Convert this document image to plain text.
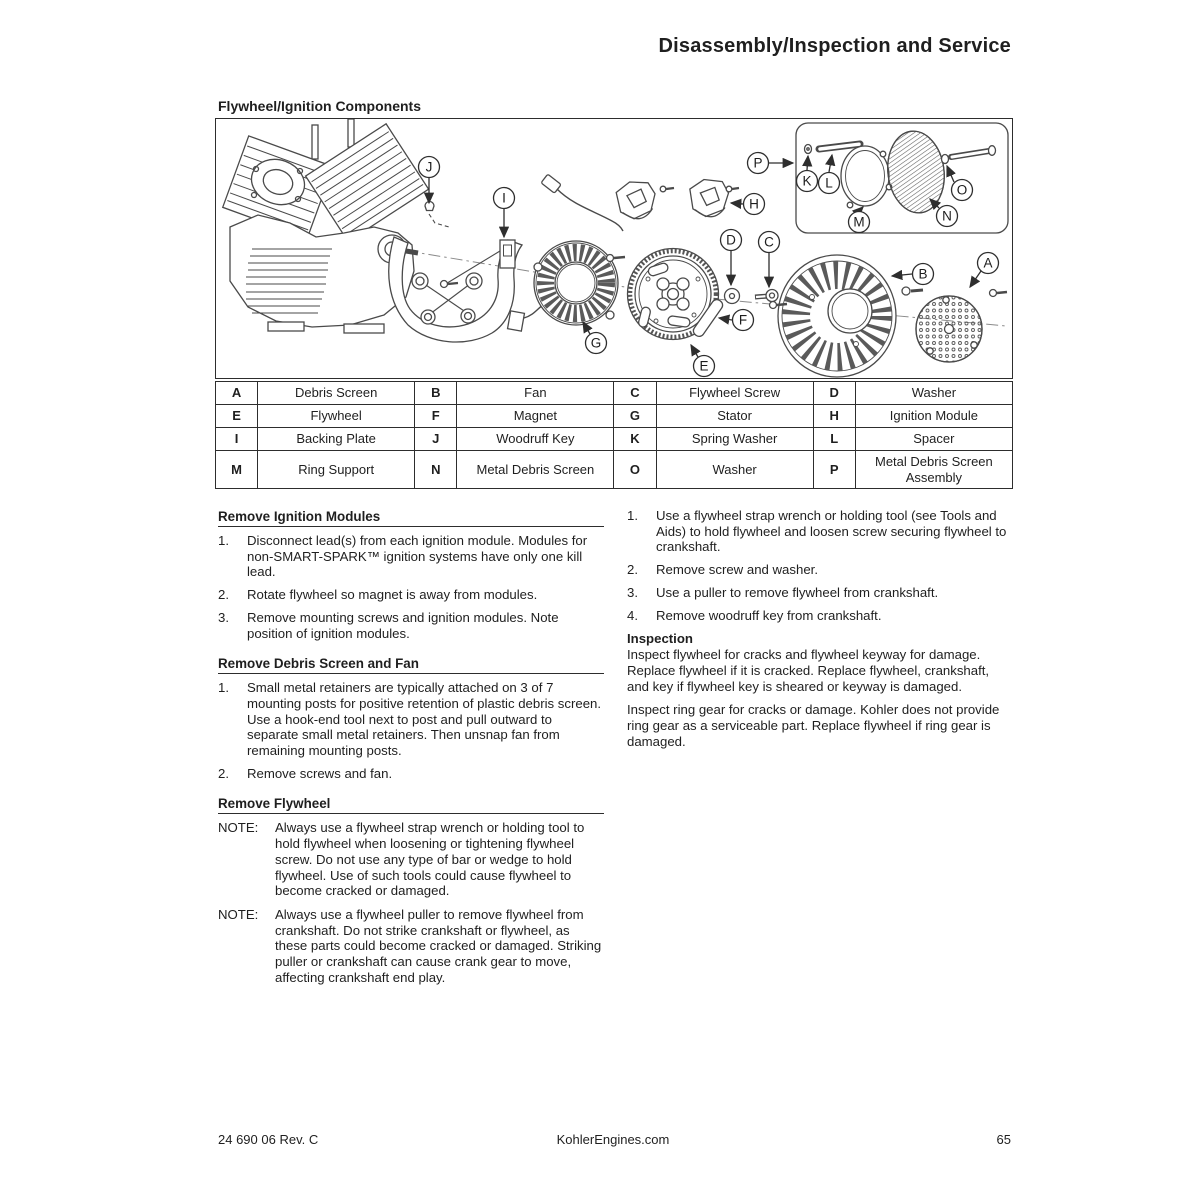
Disassembly/Inspection and Service
Flywheel/Ignition Components
A
B
C
D
E
F
G
H
I
J
K L
M	N
O
P
A	Debris Screen	B	Fan	C	Flywheel Screw	D	Washer
E	Flywheel	F	Magnet	G	Stator	H	Ignition Module
I	Backing Plate	J	Woodruff Key	K	Spring Washer	L	Spacer
M	Ring Support	N	Metal Debris Screen	O	Washer	P	Metal Debris Screen Assembly
Remove Ignition Modules
1.	Disconnect lead(s) from each ignition module. Modules for non-SMART-SPARK™ ignition systems have only one kill lead.
2.	Rotate flywheel so magnet is away from modules.
3.	Remove mounting screws and ignition modules. Note position of ignition modules.
Remove Debris Screen and Fan
1.	Small metal retainers are typically attached on 3 of 7 mounting posts for positive retention of plastic debris screen. Use a hook-end tool next to post and pull outward to separate small metal retainers. Then unsnap fan from remaining mounting posts.
2.	Remove screws and fan.
Remove Flywheel
NOTE:	Always use a flywheel strap wrench or holding tool to hold flywheel when loosening or tightening flywheel screw. Do not use any type of bar or wedge to hold flywheel. Use of such tools could cause flywheel to become cracked or damaged.
NOTE:	Always use a flywheel puller to remove flywheel from crankshaft. Do not strike crankshaft or flywheel, as these parts could become cracked or damaged. Striking puller or crankshaft can cause crank gear to move, affecting crankshaft end play.
1.	Use a flywheel strap wrench or holding tool (see Tools and Aids) to hold flywheel and loosen screw securing flywheel to crankshaft.
2.	Remove screw and washer.
3.	Use a puller to remove flywheel from crankshaft.
4.	Remove woodruff key from crankshaft.
Inspection

Inspect flywheel for cracks and flywheel keyway for damage. Replace flywheel if it is cracked. Replace flywheel, crankshaft, and key if flywheel key is sheared or keyway is damaged.

Inspect ring gear for cracks or damage. Kohler does not provide ring gear as a serviceable part. Replace flywheel if ring gear is damaged.

KohlerEngines.com
24 690 06 Rev. C	65
